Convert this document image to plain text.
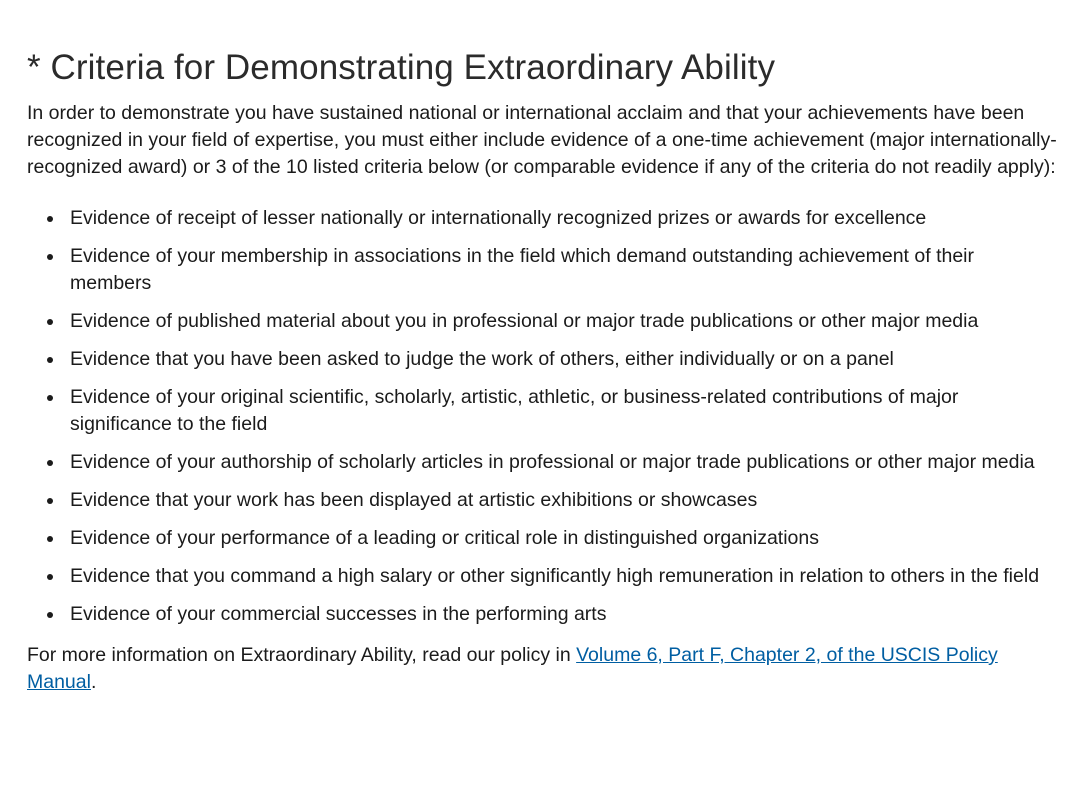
* Criteria for Demonstrating Extraordinary Ability

In order to demonstrate you have sustained national or international acclaim and that your achievements have been recognized in your field of expertise, you must either include evidence of a one-time achievement (major internationally-recognized award) or 3 of the 10 listed criteria below (or comparable evidence if any of the criteria do not readily apply):

Evidence of receipt of lesser nationally or internationally recognized prizes or awards for excellence
Evidence of your membership in associations in the field which demand outstanding achievement of their members
Evidence of published material about you in professional or major trade publications or other major media
Evidence that you have been asked to judge the work of others, either individually or on a panel
Evidence of your original scientific, scholarly, artistic, athletic, or business-related contributions of major significance to the field
Evidence of your authorship of scholarly articles in professional or major trade publications or other major media
Evidence that your work has been displayed at artistic exhibitions or showcases
Evidence of your performance of a leading or critical role in distinguished organizations
Evidence that you command a high salary or other significantly high remuneration in relation to others in the field
Evidence of your commercial successes in the performing arts

For more information on Extraordinary Ability, read our policy in Volume 6, Part F, Chapter 2, of the USCIS Policy Manual.
